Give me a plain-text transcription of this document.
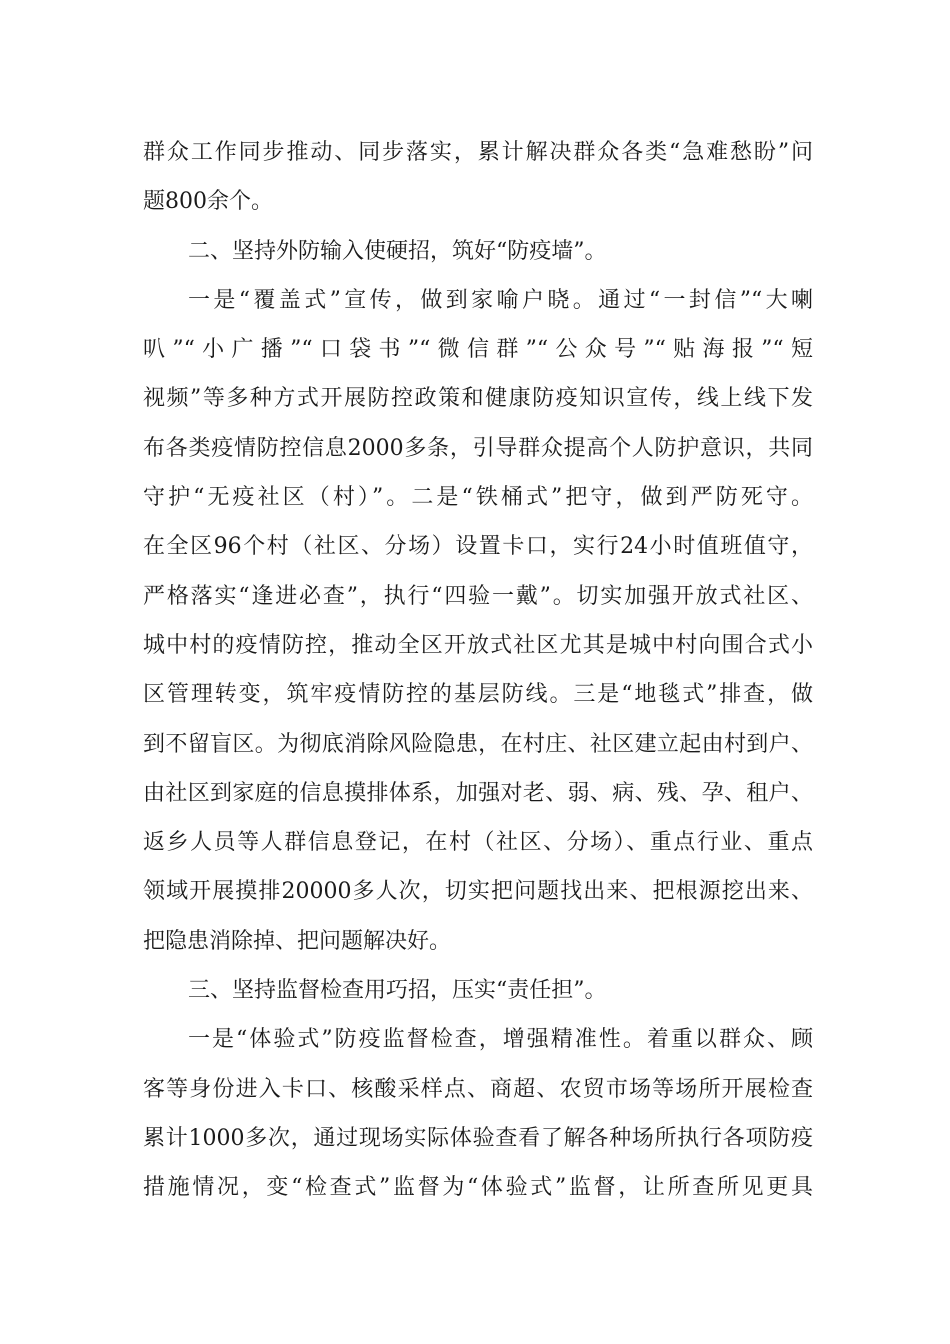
群众工作同步推动、同步落实，累计解决群众各类“急难愁盼”问
题800余个。
二、坚持外防输入使硬招，筑好“防疫墙”。
一是“覆盖式”宣传，做到家喻户晓。通过“一封信”“大喇
叭”“小广播”“口袋书”“微信群”“公众号”“贴海报”“短
视频”等多种方式开展防控政策和健康防疫知识宣传，线上线下发
布各类疫情防控信息2000多条，引导群众提高个人防护意识，共同
守护“无疫社区（村）”。二是“铁桶式”把守，做到严防死守。
在全区96个村（社区、分场）设置卡口，实行24小时值班值守，
严格落实“逢进必查”，执行“四验一戴”。切实加强开放式社区、
城中村的疫情防控，推动全区开放式社区尤其是城中村向围合式小
区管理转变，筑牢疫情防控的基层防线。三是“地毯式”排查，做
到不留盲区。为彻底消除风险隐患，在村庄、社区建立起由村到户、
由社区到家庭的信息摸排体系，加强对老、弱、病、残、孕、租户、
返乡人员等人群信息登记，在村（社区、分场）、重点行业、重点
领域开展摸排20000多人次，切实把问题找出来、把根源挖出来、
把隐患消除掉、把问题解决好。
三、坚持监督检查用巧招，压实“责任担”。
一是“体验式”防疫监督检查，增强精准性。着重以群众、顾
客等身份进入卡口、核酸采样点、商超、农贸市场等场所开展检查
累计1000多次，通过现场实际体验查看了解各种场所执行各项防疫
措施情况，变“检查式”监督为“体验式”监督，让所查所见更具
